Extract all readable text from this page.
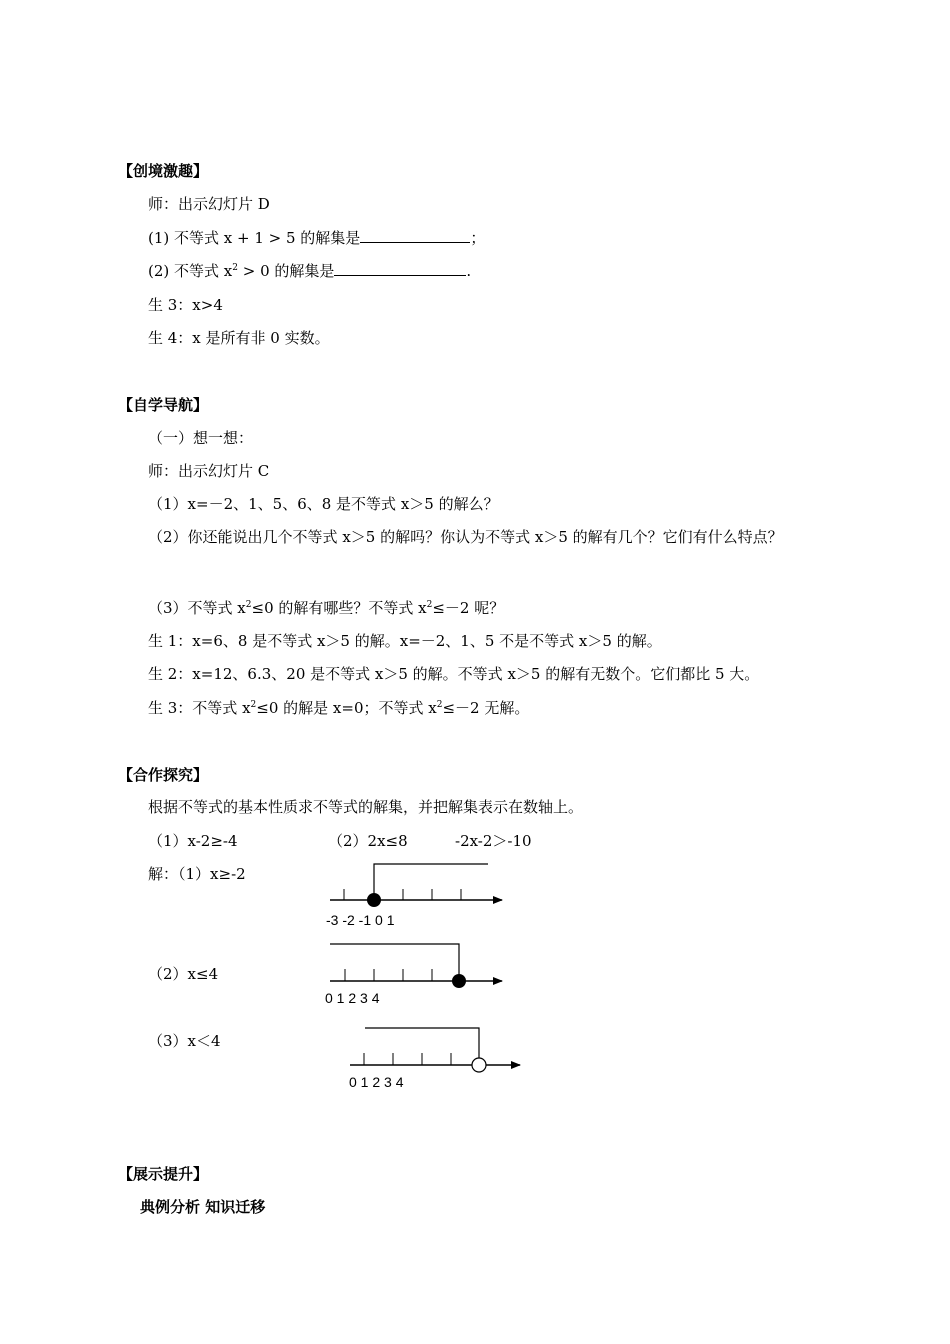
【创境激趣】
师：出示幻灯片 D
(1) 不等式 x + 1 > 5 的解集是	；
(2) 不等式 $x^2 > 0$ 的解集是	.
生 3：x>4
生 4：x 是所有非 0 实数。
【自学导航】
（一）想一想：
师：出示幻灯片 C
（1）x=－2、1、5、6、8 是不等式 x＞5 的解么？
（2）你还能说出几个不等式 x＞5 的解吗？你认为不等式 x＞5 的解有几个？它们有什么特点？
（3）不等式 $x^2\le 0$ 的解有哪些？不等式 $x^2\le-2$ 呢？
生 1：x=6、8 是不等式 x＞5 的解。x=－2、1、5 不是不等式 x＞5 的解。
生 2：x=12、6.3、20 是不等式 x＞5 的解。不等式 x＞5 的解有无数个。它们都比 5 大。
生 3：不等式 $x^2\le 0$ 的解是 x=0；不等式 $x^2\le-2$ 无解。
【合作探究】
根据不等式的基本性质求不等式的解集，并把解集表示在数轴上。
（1）x-2≥-4	（2）2x≤8	-2x-2＞-10
解：（1）x≥-2
（2）x≤4
（3）x＜4
-3 -2 -1 0 1
0 1 2 3 4
0 1 2 3 4
【展示提升】
典例分析 知识迁移
